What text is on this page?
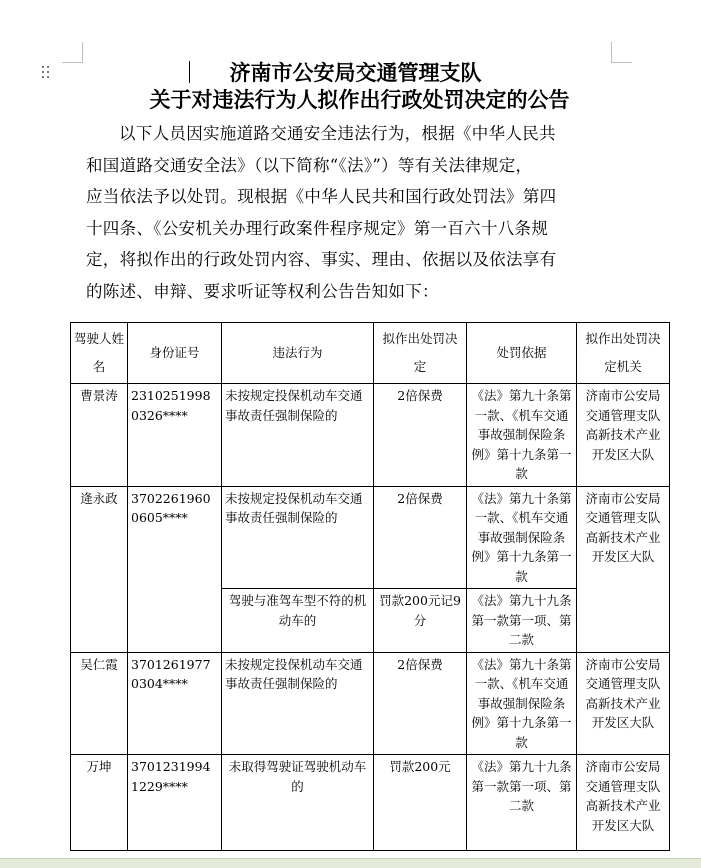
济南市公安局交通管理支队
关于对违法行为人拟作出行政处罚决定的公告
以下人员因实施道路交通安全违法行为，根据《中华人民共
和国道路交通安全法》（以下简称“《法》”）等有关法律规定，
应当依法予以处罚。现根据《中华人民共和国行政处罚法》第四
十四条、《公安机关办理行政案件程序规定》第一百六十八条规
定，将拟作出的行政处罚内容、事实、理由、依据以及依法享有
的陈述、申辩、要求听证等权利公告告知如下：
驾驶人姓名	身份证号	违法行为	拟作出处罚决定	处罚依据	拟作出处罚决定机关
曹景涛	23102519980326****	未按规定投保机动车交通事故责任强制保险的	2倍保费	《法》第九十条第一款、《机车交通事故强制保险条例》第十九条第一款	济南市公安局交通管理支队高新技术产业开发区大队
逄永政	37022619600605****	未按规定投保机动车交通事故责任强制保险的	2倍保费	《法》第九十条第一款、《机车交通事故强制保险条例》第十九条第一款	济南市公安局交通管理支队高新技术产业开发区大队
		驾驶与准驾车型不符的机动车的	罚款200元记9分	《法》第九十九条第一款第一项、第二款	
吴仁霞	37012619770304****	未按规定投保机动车交通事故责任强制保险的	2倍保费	《法》第九十条第一款、《机车交通事故强制保险条例》第十九条第一款	济南市公安局交通管理支队高新技术产业开发区大队
万坤	37012319941229****	未取得驾驶证驾驶机动车的	罚款200元	《法》第九十九条第一款第一项、第二款	济南市公安局交通管理支队高新技术产业开发区大队
